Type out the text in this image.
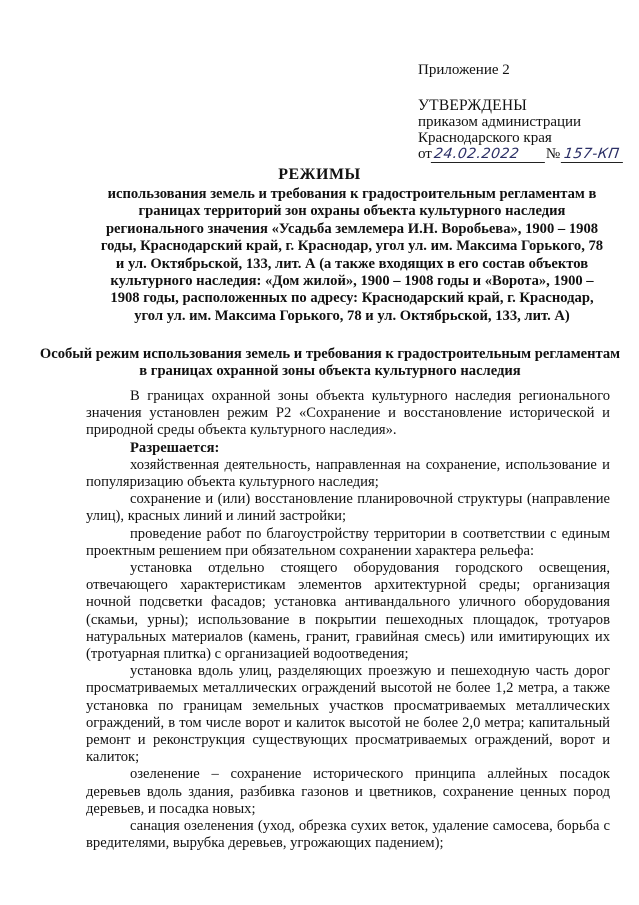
Приложение 2
УТВЕРЖДЕНЫ
приказом администрации
Краснодарского края
от 24.02.2022	№ 157-КП
РЕЖИМЫ
использования земель и требования к градостроительным регламентам в границах территорий зон охраны объекта культурного наследия регионального значения «Усадьба землемера И.Н. Воробьева», 1900 – 1908 годы, Краснодарский край, г. Краснодар, угол ул. им. Максима Горького, 78 и ул. Октябрьской, 133, лит. А (а также входящих в его состав объектов культурного наследия: «Дом жилой», 1900 – 1908 годы и «Ворота», 1900 – 1908 годы, расположенных по адресу: Краснодарский край, г. Краснодар, угол ул. им. Максима Горького, 78 и ул. Октябрьской, 133, лит. А)
Особый режим использования земель и требования к градостроительным регламентам в границах охранной зоны объекта культурного наследия

В границах охранной зоны объекта культурного наследия регионального значения установлен режим Р2 «Сохранение и восстановление исторической и природной среды объекта культурного наследия».

Разрешается:

хозяйственная деятельность, направленная на сохранение, использование и популяризацию объекта культурного наследия;

сохранение и (или) восстановление планировочной структуры (направление улиц), красных линий и линий застройки;

проведение работ по благоустройству территории в соответствии с единым проектным решением при обязательном сохранении характера рельефа:

установка отдельно стоящего оборудования городского освещения, отвечающего характеристикам элементов архитектурной среды; организация ночной подсветки фасадов; установка антивандального уличного оборудования (скамьи, урны); использование в покрытии пешеходных площадок, тротуаров натуральных материалов (камень, гранит, гравийная смесь) или имитирующих их (тротуарная плитка) с организацией водоотведения;

установка вдоль улиц, разделяющих проезжую и пешеходную часть дорог просматриваемых металлических ограждений высотой не более 1,2 метра, а также установка по границам земельных участков просматриваемых металлических ограждений, в том числе ворот и калиток высотой не более 2,0 метра; капитальный ремонт и реконструкция существующих просматриваемых ограждений, ворот и калиток;

озеленение – сохранение исторического принципа аллейных посадок деревьев вдоль здания, разбивка газонов и цветников, сохранение ценных пород деревьев, и посадка новых;

санация озеленения (уход, обрезка сухих веток, удаление самосева, борьба с вредителями, вырубка деревьев, угрожающих падением);
